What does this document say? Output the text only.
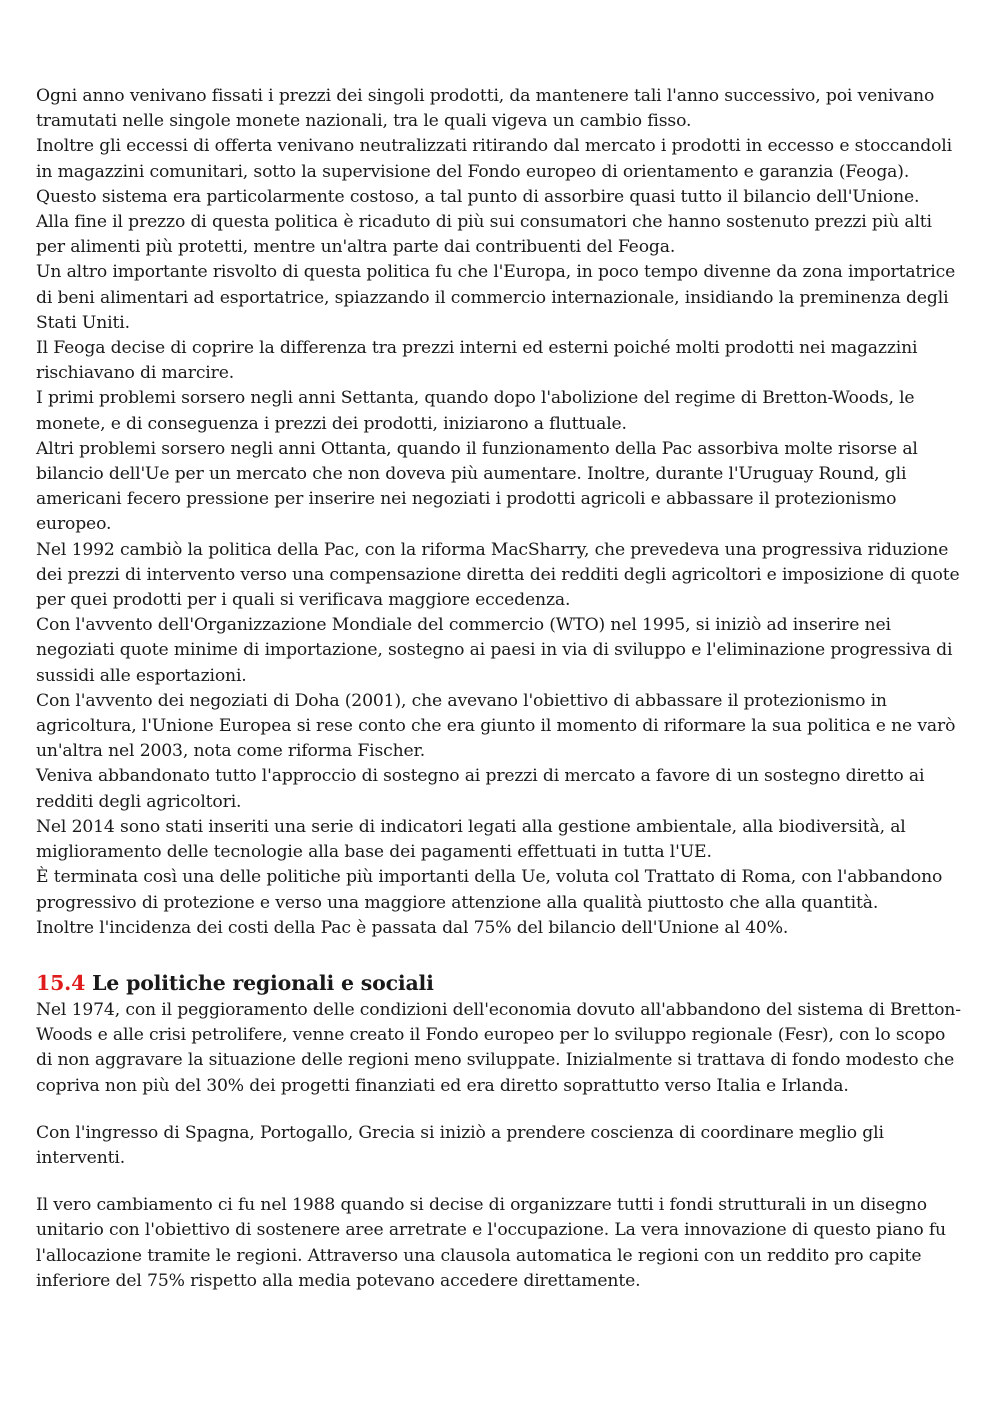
Ogni anno venivano fissati i prezzi dei singoli prodotti, da mantenere tali l'anno successivo, poi venivano tramutati nelle singole monete nazionali, tra le quali vigeva un cambio fisso.

Inoltre gli eccessi di offerta venivano neutralizzati ritirando dal mercato i prodotti in eccesso e stoccandoli in magazzini comunitari, sotto la supervisione del Fondo europeo di orientamento e garanzia (Feoga). Questo sistema era particolarmente costoso, a tal punto di assorbire quasi tutto il bilancio dell'Unione.

Alla fine il prezzo di questa politica è ricaduto di più sui consumatori che hanno sostenuto prezzi più alti per alimenti più protetti, mentre un'altra parte dai contribuenti del Feoga.

Un altro importante risvolto di questa politica fu che l'Europa, in poco tempo divenne da zona importatrice di beni alimentari ad esportatrice, spiazzando il commercio internazionale, insidiando la preminenza degli Stati Uniti.

Il Feoga decise di coprire la differenza tra prezzi interni ed esterni poiché molti prodotti nei magazzini rischiavano di marcire.

I primi problemi sorsero negli anni Settanta, quando dopo l'abolizione del regime di Bretton-Woods, le monete, e di conseguenza i prezzi dei prodotti, iniziarono a fluttuale.

Altri problemi sorsero negli anni Ottanta, quando il funzionamento della Pac assorbiva molte risorse al bilancio dell'Ue per un mercato che non doveva più aumentare. Inoltre, durante l'Uruguay Round, gli americani fecero pressione per inserire nei negoziati i prodotti agricoli e abbassare il protezionismo europeo.

Nel 1992 cambiò la politica della Pac, con la riforma MacSharry, che prevedeva una progressiva riduzione dei prezzi di intervento verso una compensazione diretta dei redditi degli agricoltori e imposizione di quote per quei prodotti per i quali si verificava maggiore eccedenza.

Con l'avvento dell'Organizzazione Mondiale del commercio (WTO) nel 1995, si iniziò ad inserire nei negoziati quote minime di importazione, sostegno ai paesi in via di sviluppo e l'eliminazione progressiva di sussidi alle esportazioni.

Con l'avvento dei negoziati di Doha (2001), che avevano l'obiettivo di abbassare il protezionismo in agricoltura, l'Unione Europea si rese conto che era giunto il momento di riformare la sua politica e ne varò un'altra nel 2003, nota come riforma Fischer.

Veniva abbandonato tutto l'approccio di sostegno ai prezzi di mercato a favore di un sostegno diretto ai redditi degli agricoltori.

Nel 2014 sono stati inseriti una serie di indicatori legati alla gestione ambientale, alla biodiversità, al miglioramento delle tecnologie alla base dei pagamenti effettuati in tutta l'UE.

È terminata così una delle politiche più importanti della Ue, voluta col Trattato di Roma, con l'abbandono progressivo di protezione e verso una maggiore attenzione alla qualità piuttosto che alla quantità.

Inoltre l'incidenza dei costi della Pac è passata dal 75% del bilancio dell'Unione al 40%.

15.4 Le politiche regionali e sociali

Nel 1974, con il peggioramento delle condizioni dell'economia dovuto all'abbandono del sistema di Bretton-Woods e alle crisi petrolifere, venne creato il Fondo europeo per lo sviluppo regionale (Fesr), con lo scopo di non aggravare la situazione delle regioni meno sviluppate. Inizialmente si trattava di fondo modesto che copriva non più del 30% dei progetti finanziati ed era diretto soprattutto verso Italia e Irlanda.

Con l'ingresso di Spagna, Portogallo, Grecia si iniziò a prendere coscienza di coordinare meglio gli interventi.

Il vero cambiamento ci fu nel 1988 quando si decise di organizzare tutti i fondi strutturali in un disegno unitario con l'obiettivo di sostenere aree arretrate e l'occupazione. La vera innovazione di questo piano fu l'allocazione tramite le regioni. Attraverso una clausola automatica le regioni con un reddito pro capite inferiore del 75% rispetto alla media potevano accedere direttamente.
